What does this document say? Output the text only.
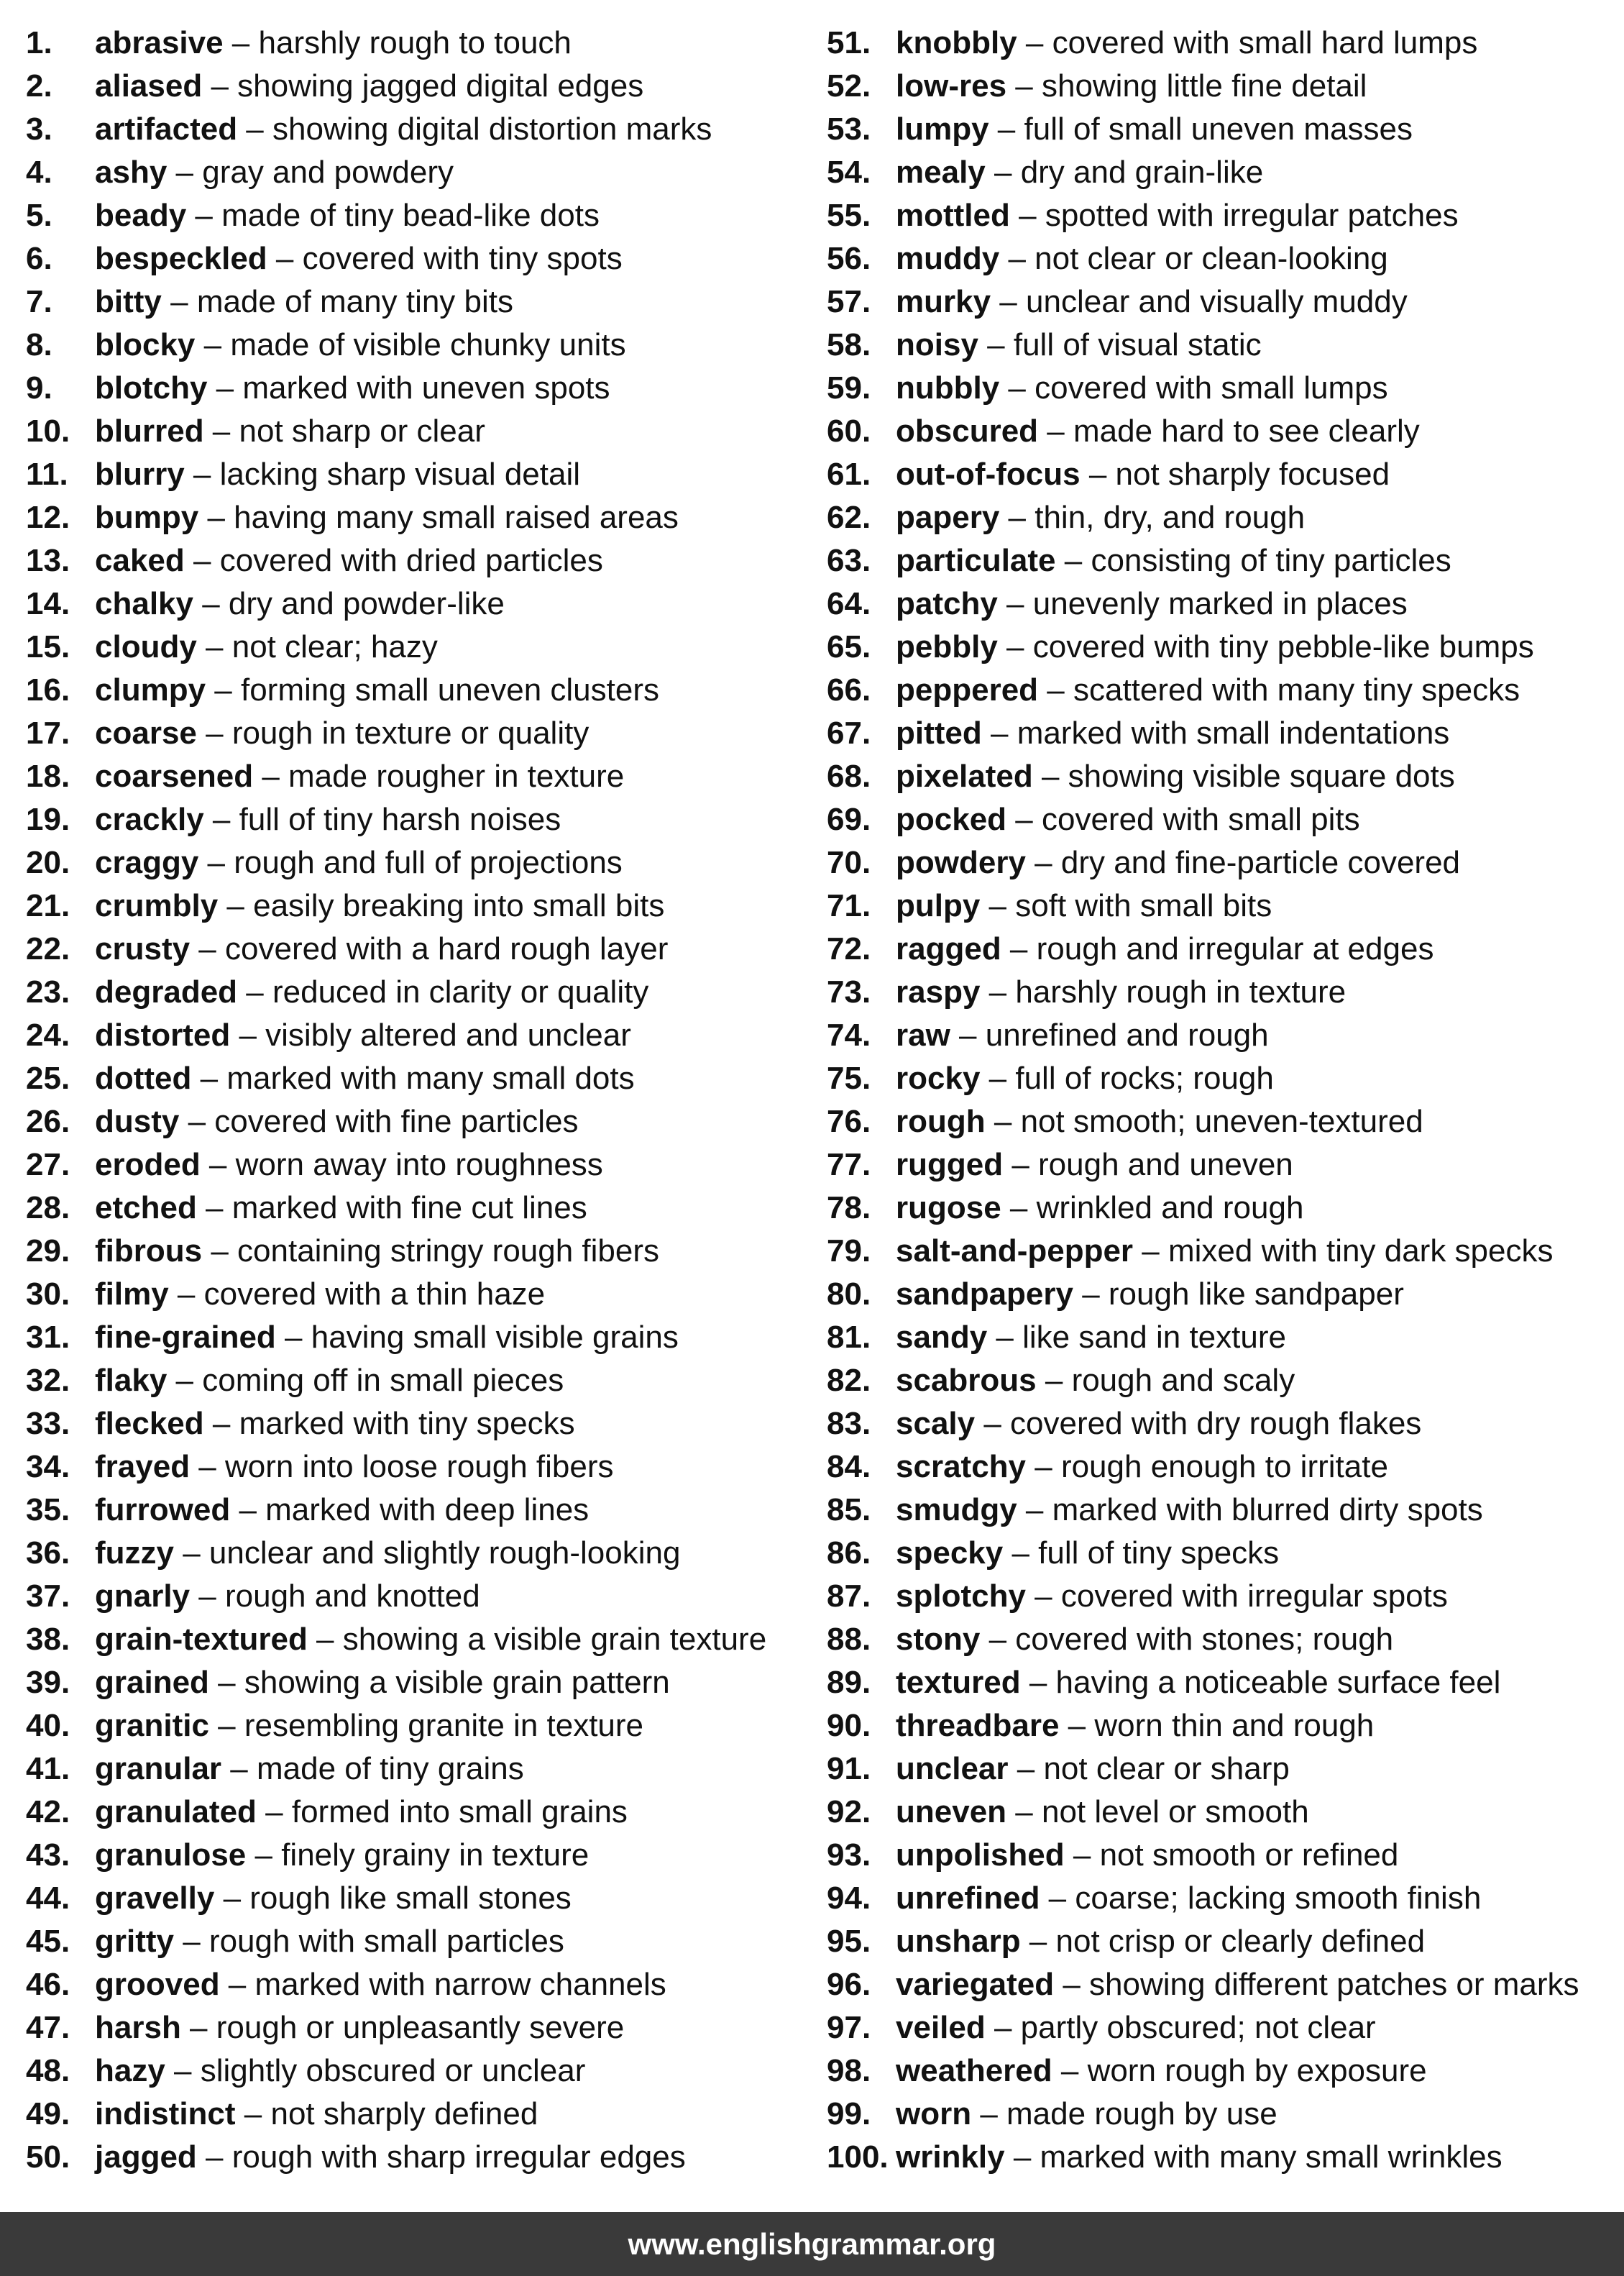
1. abrasive – harshly rough to touch
2. aliased – showing jagged digital edges
3. artifacted – showing digital distortion marks
4. ashy – gray and powdery
5. beady – made of tiny bead-like dots
6. bespeckled – covered with tiny spots
7. bitty – made of many tiny bits
8. blocky – made of visible chunky units
9. blotchy – marked with uneven spots
10. blurred – not sharp or clear
11. blurry – lacking sharp visual detail
12. bumpy – having many small raised areas
13. caked – covered with dried particles
14. chalky – dry and powder-like
15. cloudy – not clear; hazy
16. clumpy – forming small uneven clusters
17. coarse – rough in texture or quality
18. coarsened – made rougher in texture
19. crackly – full of tiny harsh noises
20. craggy – rough and full of projections
21. crumbly – easily breaking into small bits
22. crusty – covered with a hard rough layer
23. degraded – reduced in clarity or quality
24. distorted – visibly altered and unclear
25. dotted – marked with many small dots
26. dusty – covered with fine particles
27. eroded – worn away into roughness
28. etched – marked with fine cut lines
29. fibrous – containing stringy rough fibers
30. filmy – covered with a thin haze
31. fine-grained – having small visible grains
32. flaky – coming off in small pieces
33. flecked – marked with tiny specks
34. frayed – worn into loose rough fibers
35. furrowed – marked with deep lines
36. fuzzy – unclear and slightly rough-looking
37. gnarly – rough and knotted
38. grain-textured – showing a visible grain texture
39. grained – showing a visible grain pattern
40. granitic – resembling granite in texture
41. granular – made of tiny grains
42. granulated – formed into small grains
43. granulose – finely grainy in texture
44. gravelly – rough like small stones
45. gritty – rough with small particles
46. grooved – marked with narrow channels
47. harsh – rough or unpleasantly severe
48. hazy – slightly obscured or unclear
49. indistinct – not sharply defined
50. jagged – rough with sharp irregular edges
51. knobbly – covered with small hard lumps
52. low-res – showing little fine detail
53. lumpy – full of small uneven masses
54. mealy – dry and grain-like
55. mottled – spotted with irregular patches
56. muddy – not clear or clean-looking
57. murky – unclear and visually muddy
58. noisy – full of visual static
59. nubbly – covered with small lumps
60. obscured – made hard to see clearly
61. out-of-focus – not sharply focused
62. papery – thin, dry, and rough
63. particulate – consisting of tiny particles
64. patchy – unevenly marked in places
65. pebbly – covered with tiny pebble-like bumps
66. peppered – scattered with many tiny specks
67. pitted – marked with small indentations
68. pixelated – showing visible square dots
69. pocked – covered with small pits
70. powdery – dry and fine-particle covered
71. pulpy – soft with small bits
72. ragged – rough and irregular at edges
73. raspy – harshly rough in texture
74. raw – unrefined and rough
75. rocky – full of rocks; rough
76. rough – not smooth; uneven-textured
77. rugged – rough and uneven
78. rugose – wrinkled and rough
79. salt-and-pepper – mixed with tiny dark specks
80. sandpapery – rough like sandpaper
81. sandy – like sand in texture
82. scabrous – rough and scaly
83. scaly – covered with dry rough flakes
84. scratchy – rough enough to irritate
85. smudgy – marked with blurred dirty spots
86. specky – full of tiny specks
87. splotchy – covered with irregular spots
88. stony – covered with stones; rough
89. textured – having a noticeable surface feel
90. threadbare – worn thin and rough
91. unclear – not clear or sharp
92. uneven – not level or smooth
93. unpolished – not smooth or refined
94. unrefined – coarse; lacking smooth finish
95. unsharp – not crisp or clearly defined
96. variegated – showing different patches or marks
97. veiled – partly obscured; not clear
98. weathered – worn rough by exposure
99. worn – made rough by use
100. wrinkly – marked with many small wrinkles
www.englishgrammar.org
